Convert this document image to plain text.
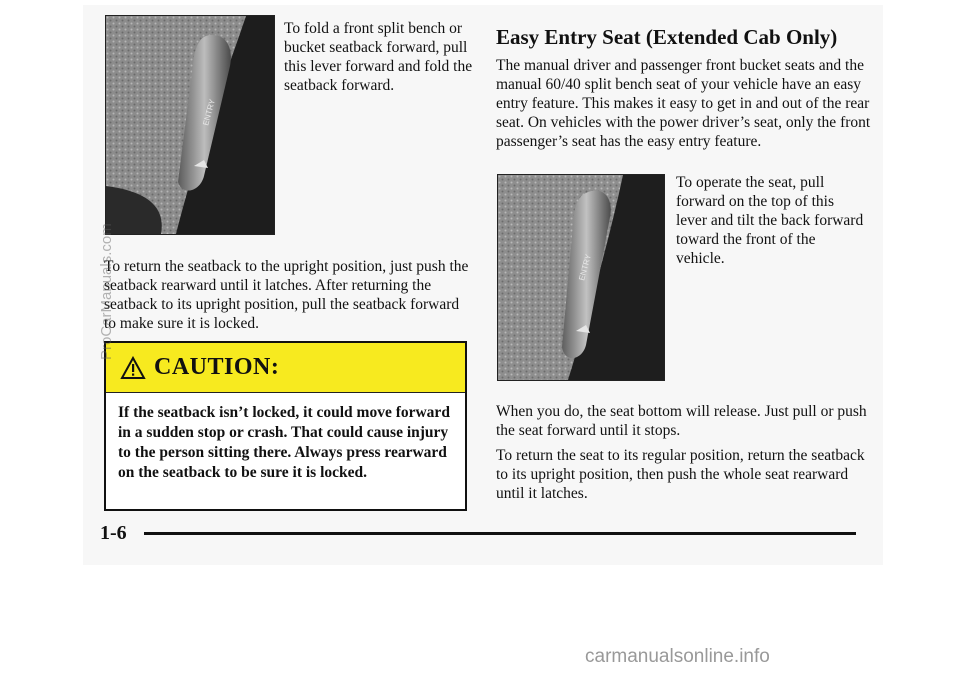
ENTRY

To fold a front split bench or bucket seatback forward, pull this lever forward and fold the seatback forward.

To return the seatback to the upright position, just push the seatback rearward until it latches. After returning the seatback to its upright position, pull the seatback forward to make sure it is locked.

CAUTION:

If the seatback isn’t locked, it could move forward in a sudden stop or crash. That could cause injury to the person sitting there. Always press rearward on the seatback to be sure it is locked.

Easy Entry Seat (Extended Cab Only)

The manual driver and passenger front bucket seats and the manual 60/40 split bench seat of your vehicle have an easy entry feature. This makes it easy to get in and out of the rear seat. On vehicles with the power driver’s seat, only the front passenger’s seat has the easy entry feature.

ENTRY

To operate the seat, pull forward on the top of this lever and tilt the back forward toward the front of the vehicle.

When you do, the seat bottom will release. Just pull or push the seat forward until it stops.

To return the seat to its regular position, return the seatback to its upright position, then push the whole seat rearward until it latches.

1-6
ProCarManuals.com
carmanualsonline.info
